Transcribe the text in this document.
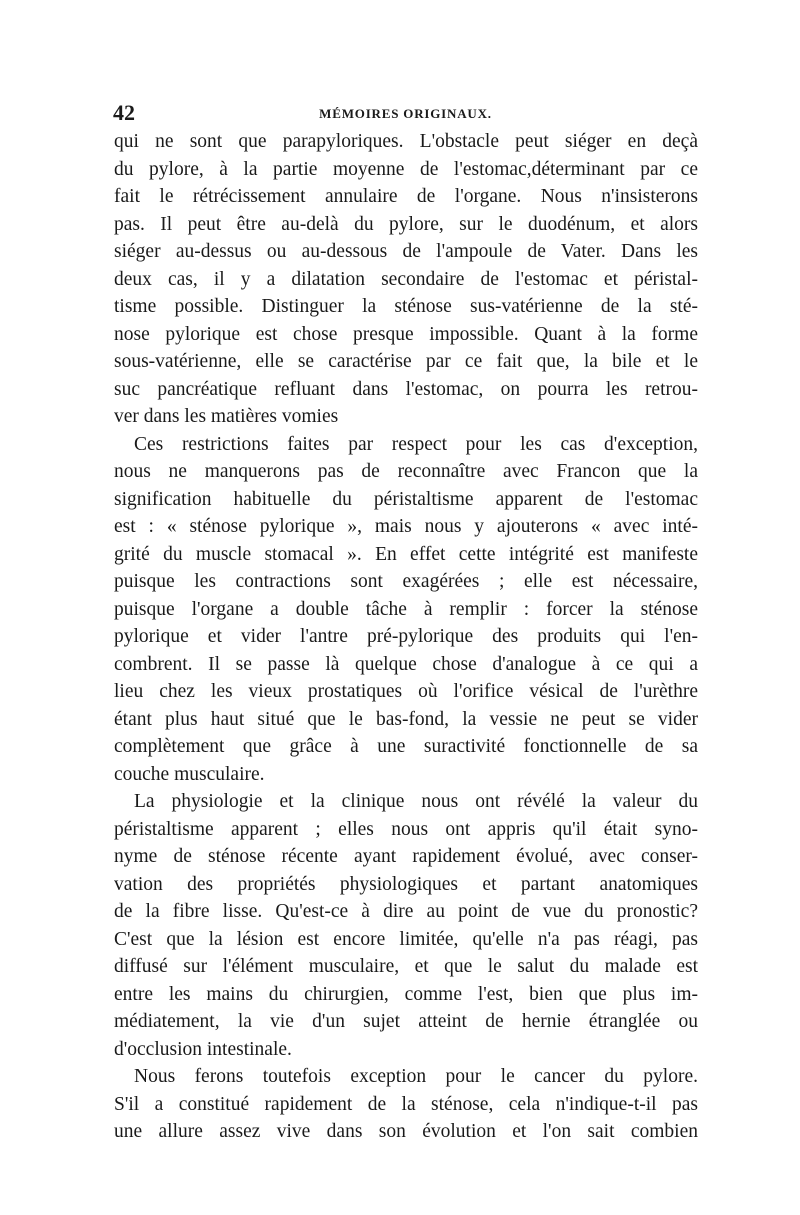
42	MÉMOIRES ORIGINAUX.
qui ne sont que parapyloriques. L'obstacle peut siéger en deçà
du pylore, à la partie moyenne de l'estomac,déterminant par ce
fait le rétrécissement annulaire de l'organe. Nous n'insisterons
pas. Il peut être au-delà du pylore, sur le duodénum, et alors
siéger au-dessus ou au-dessous de l'ampoule de Vater. Dans les
deux cas, il y a dilatation secondaire de l'estomac et péristal-
tisme possible. Distinguer la sténose sus-vatérienne de la sté-
nose pylorique est chose presque impossible. Quant à la forme
sous-vatérienne, elle se caractérise par ce fait que, la bile et le
suc pancréatique refluant dans l'estomac, on pourra les retrou-
ver dans les matières vomies
Ces restrictions faites par respect pour les cas d'exception,
nous ne manquerons pas de reconnaître avec Francon que la
signification habituelle du péristaltisme apparent de l'estomac
est : « sténose pylorique », mais nous y ajouterons « avec inté-
grité du muscle stomacal ». En effet cette intégrité est manifeste
puisque les contractions sont exagérées ; elle est nécessaire,
puisque l'organe a double tâche à remplir : forcer la sténose
pylorique et vider l'antre pré-pylorique des produits qui l'en-
combrent. Il se passe là quelque chose d'analogue à ce qui a
lieu chez les vieux prostatiques où l'orifice vésical de l'urèthre
étant plus haut situé que le bas-fond, la vessie ne peut se vider
complètement que grâce à une suractivité fonctionnelle de sa
couche musculaire.
La physiologie et la clinique nous ont révélé la valeur du
péristaltisme apparent ; elles nous ont appris qu'il était syno-
nyme de sténose récente ayant rapidement évolué, avec conser-
vation des propriétés physiologiques et partant anatomiques
de la fibre lisse. Qu'est-ce à dire au point de vue du pronostic?
C'est que la lésion est encore limitée, qu'elle n'a pas réagi, pas
diffusé sur l'élément musculaire, et que le salut du malade est
entre les mains du chirurgien, comme l'est, bien que plus im-
médiatement, la vie d'un sujet atteint de hernie étranglée ou
d'occlusion intestinale.
Nous ferons toutefois exception pour le cancer du pylore.
S'il a constitué rapidement de la sténose, cela n'indique-t-il pas
une allure assez vive dans son évolution et l'on sait combien
